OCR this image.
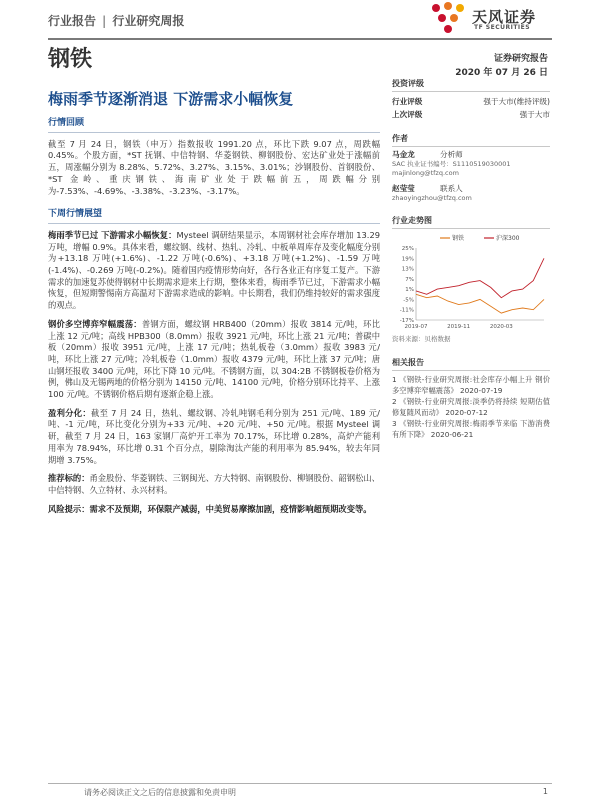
行业报告 | 行业研究周报	天风证券
TF SECURITIES
钢铁	证券研究报告
2020 年 07 月 26 日
梅雨季节逐渐消退 下游需求小幅恢复
行情回顾

截至 7 月 24 日，钢铁（申万）指数报收 1991.20 点，环比下跌 9.07 点，周跌幅 0.45%。个股方面，*ST 抚钢、中信特钢、华菱钢铁、柳钢股份、宏达矿业处于涨幅前五，周涨幅分别为 8.28%、5.72%、3.27%、3.15%、3.01%；沙钢股份、首钢股份、*ST 金岭、重庆钢铁、海南矿业处于跌幅前五，周跌幅分别为-7.53%、-4.69%、-3.38%、-3.23%、-3.17%。

下周行情展望

梅雨季节已过 下游需求小幅恢复：Mysteel 调研结果显示，本周钢材社会库存增加 13.29 万吨，增幅 0.9%。具体来看，螺纹钢、线材、热轧、冷轧、中板单周库存及变化幅度分别为+13.18 万吨(+1.6%)、-1.22 万吨(-0.6%)、+3.18 万吨(+1.2%)、-1.59 万吨(-1.4%)、-0.269 万吨(-0.2%)。随着国内疫情形势向好，各行各业正有序复工复产。下游需求的加速复苏使得钢材中长期需求迎来上行期，整体来看，梅雨季节已过，下游需求小幅恢复，但短期警惕南方高温对下游需求造成的影响。中长期看，我们仍维持较好的需求强度的观点。

钢价多空博弈窄幅震荡：普钢方面，螺纹钢 HRB400（20mm）报收 3814 元/吨，环比上涨 12 元/吨；高线 HPB300（8.0mm）报收 3921 元/吨，环比上涨 21 元/吨；普碳中板（20mm）报收 3951 元/吨，上涨 17 元/吨；热轧板卷（3.0mm）报收 3983 元/吨，环比上涨 27 元/吨；冷轧板卷（1.0mm）报收 4379 元/吨，环比上涨 37 元/吨；唐山钢坯报收 3400 元/吨，环比下降 10 元/吨。不锈钢方面，以 304:2B 不锈钢板卷价格为例，佛山及无锡两地的价格分别为 14150 元/吨、14100 元/吨，价格分别环比持平、上涨 100 元/吨。不锈钢价格后期有逐渐企稳上涨。

盈利分化：截至 7 月 24 日，热轧、螺纹钢、冷轧吨钢毛利分别为 251 元/吨、189 元/吨、-1 元/吨，环比变化分别为+33 元/吨、+20 元/吨、+50 元/吨。根据 Mysteel 调研，截至 7 月 24 日，163 家钢厂高炉开工率为 70.17%，环比增 0.28%，高炉产能利用率为 78.94%，环比增 0.31 个百分点，剔除淘汰产能的利用率为 85.94%，较去年同期增 3.75%。

推荐标的：甬金股份、华菱钢铁、三钢闽光、方大特钢、南钢股份、柳钢股份、韶钢松山、中信特钢、久立特材、永兴材料。

风险提示：需求不及预期，环保限产减弱，中美贸易摩擦加剧，疫情影响超预期改变等。

投资评级
行业评级	强于大市(维持评级)
上次评级	强于大市
作者
马金龙	分析师
SAC 执业证书编号：S1110519030001
majinlong@tfzq.com
赵莹莹	联系人
zhaoyingzhou@tfzq.com
行业走势图
25%
19%
13%
7%
1%
-5%
-11%
-17%
2019-07	2019-11	2020-03
钢铁	沪深300
资料来源：贝格数据
相关报告
1 《钢铁-行业研究周报:社会库存小幅上升 钢价多空博弈窄幅震荡》 2020-07-19
2 《钢铁-行业研究周报:淡季仍将持续 短期估值修复随风而动》 2020-07-12
3 《钢铁-行业研究周报:梅雨季节来临 下游消费有所下降》 2020-06-21
请务必阅读正文之后的信息披露和免责申明	1
